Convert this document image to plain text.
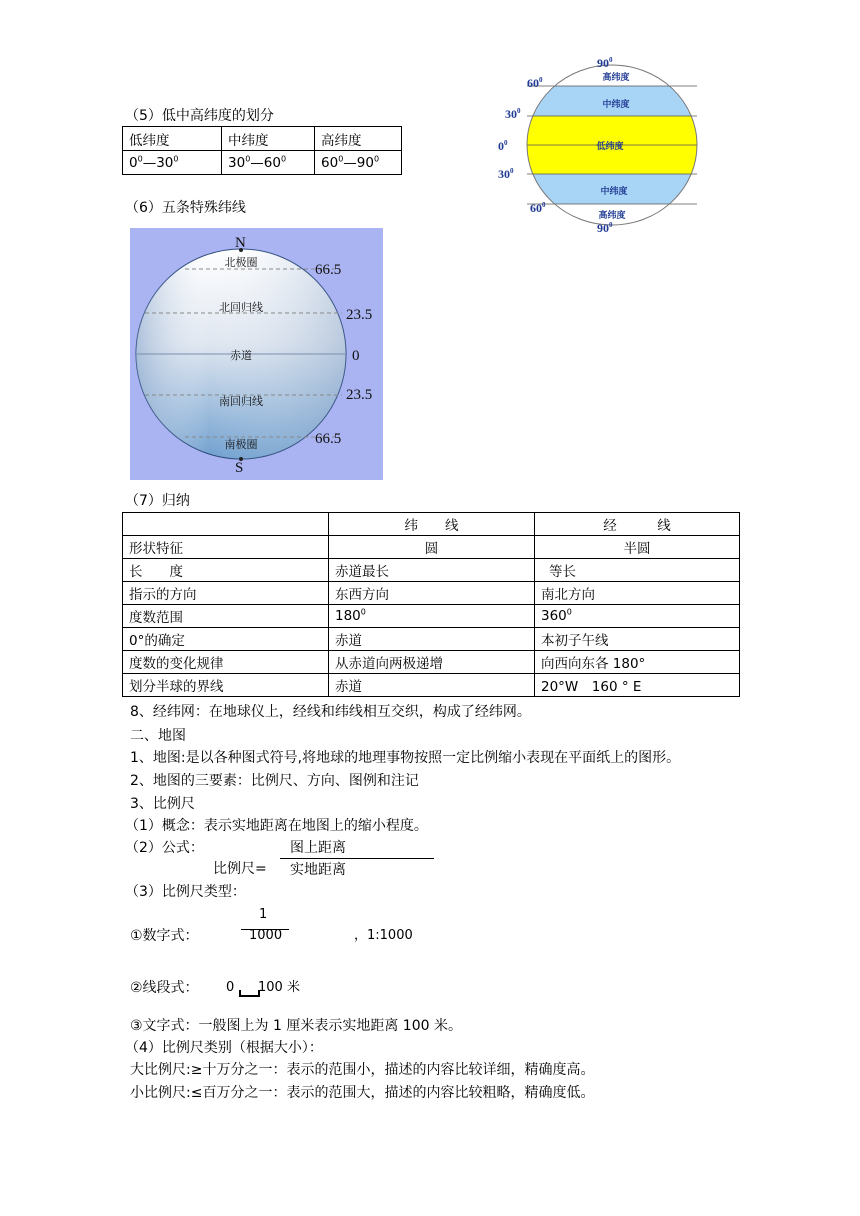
（5）低中高纬度的划分
低纬度	中纬度	高纬度
$0^0—30^0$	$30^0—60^0$	$60^0—90^0$
高纬度
中纬度
低纬度
中纬度
高纬度
$90^0$
$60^0$
$30^0$
$0^0$
$30^0$
$60^0$
$90^0$
（6）五条特殊纬线
北极圈
北回归线
赤道
南回归线
南极圈
N
S
66.5
23.5
0
23.5
66.5
（7）归纳
	纬　　线	经　　　线
形状特征	圆	半圆
长　　度	赤道最长	等长
指示的方向	东西方向	南北方向
度数范围	$180^0$	$360^0$
0°的确定	赤道	本初子午线
度数的变化规律	从赤道向两极递增	向西向东各 180°
划分半球的界线	赤道	20°W　160 ° E
8、经纬网：在地球仪上，经线和纬线相互交织，构成了经纬网。
二、地图
1、地图:是以各种图式符号,将地球的地理事物按照一定比例缩小表现在平面纸上的图形。
2、地图的三要素：比例尺、方向、图例和注记
3、比例尺
（1）概念：表示实地距离在地图上的缩小程度。
（2）公式：	图上距离
比例尺= 实地距离
（3）比例尺类型：
1
1000
①数字式：	，1:1000
②线段式： 0 100 米
③文字式：一般图上为 1 厘米表示实地距离 100 米。
（4）比例尺类别（根据大小）：
大比例尺:≥十万分之一：表示的范围小，描述的内容比较详细，精确度高。
小比例尺:≤百万分之一：表示的范围大，描述的内容比较粗略，精确度低。
